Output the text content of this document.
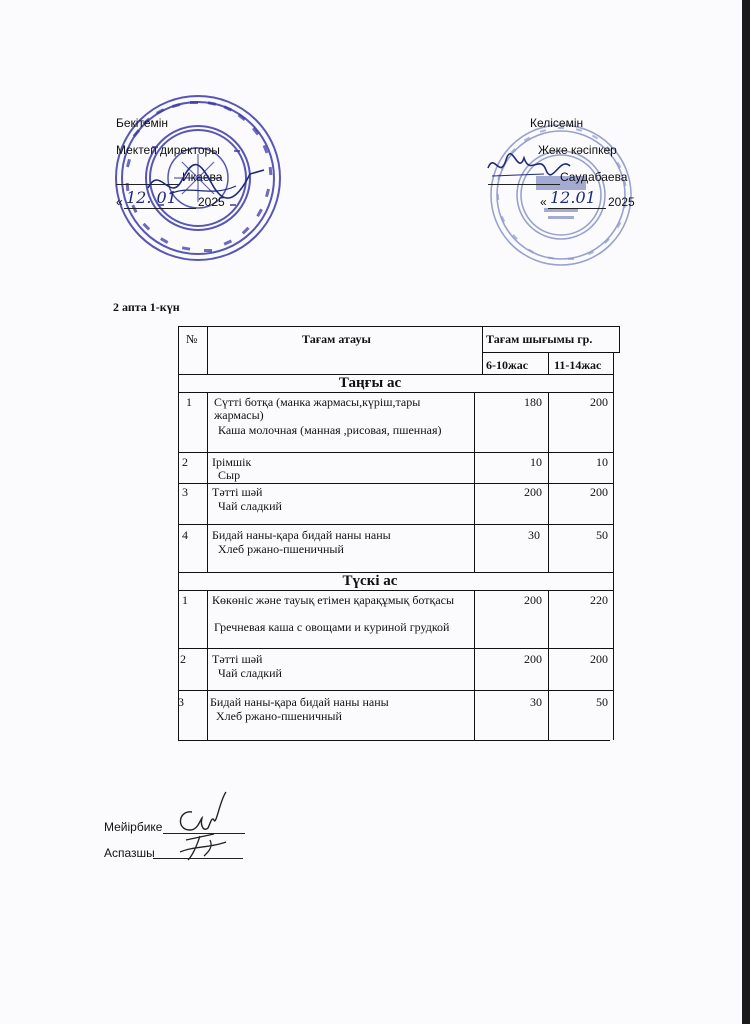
Бекітемін
Мектеп директоры
Икаева
« 12. 01 2025
Келісемін
Жеке кәсіпкер
Саудабаева
« 12.01 2025
2 апта 1-күн
№	Тағам атауы	Тағам шығымы гр.
6-10жас 11-14жас
Таңғы ас
1 Сүтті ботқа (манка жармасы,күріш,тары жармасы)
Каша молочная (манная ,рисовая, пшенная)
180	200
2 Ірімшік
Сыр
10	10
3 Тәтті шәй
Чай сладкий
200	200
4 Бидай наны-қара бидай наны наны
Хлеб ржано-пшеничный
30	50
Түскі ас
1 Көкөніс және тауық етімен қарақұмық ботқасы
Гречневая каша с овощами и куриной грудкой
200	220
2 Тәтті шәй
Чай сладкий
200	200
3 Бидай наны-қара бидай наны наны
Хлеб ржано-пшеничный
30	50
Мейірбике
Аспазшы
